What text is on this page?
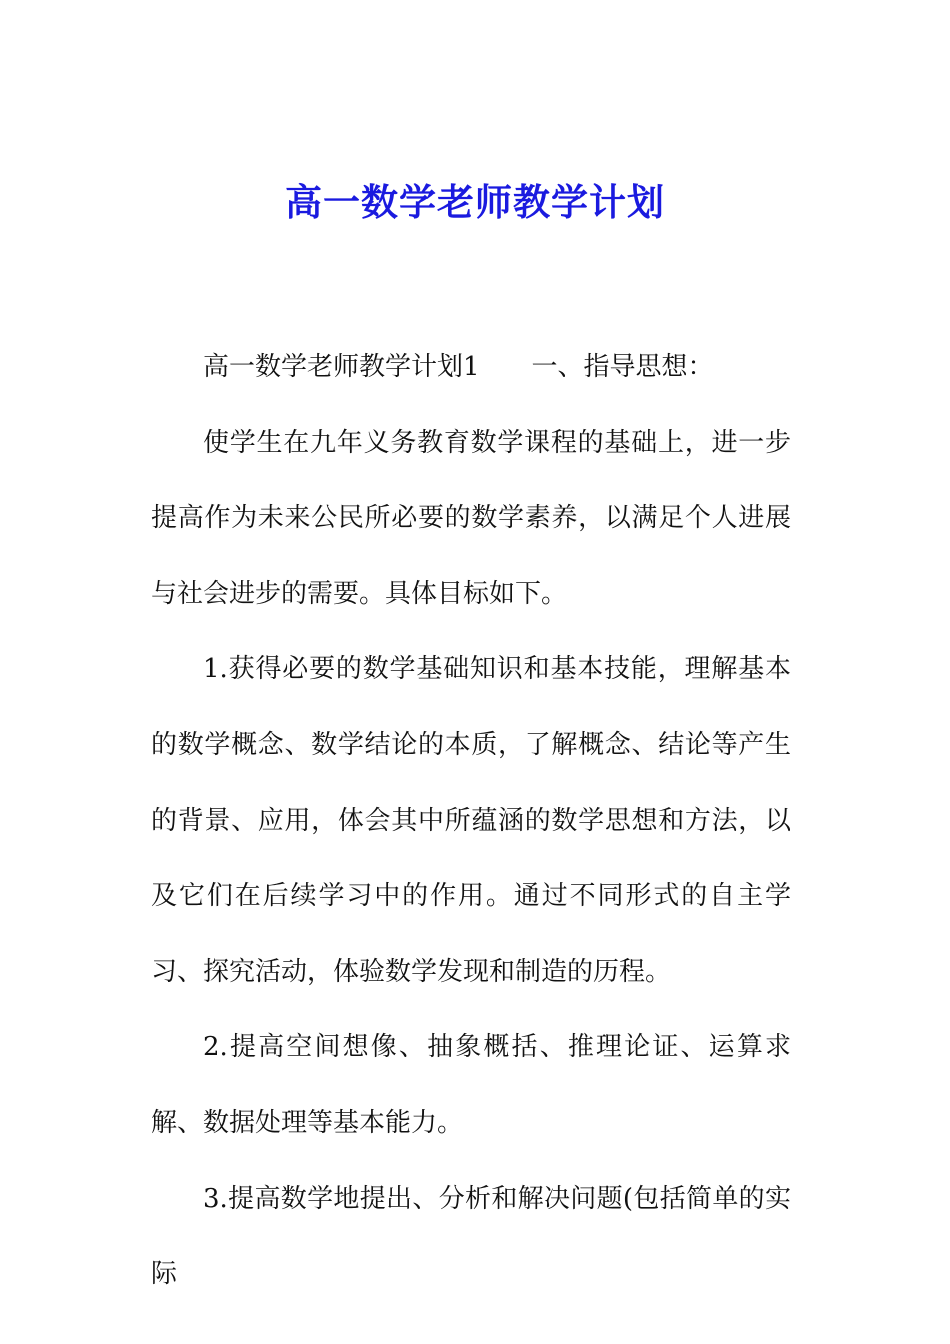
高一数学老师教学计划

高一数学老师教学计划1 一、指导思想：

使学生在九年义务教育数学课程的基础上，进一步提高作为未来公民所必要的数学素养，以满足个人进展与社会进步的需要。具体目标如下。

1.获得必要的数学基础知识和基本技能，理解基本的数学概念、数学结论的本质，了解概念、结论等产生的背景、应用，体会其中所蕴涵的数学思想和方法，以及它们在后续学习中的作用。通过不同形式的自主学习、探究活动，体验数学发现和制造的历程。

2.提高空间想像、抽象概括、推理论证、运算求解、数据处理等基本能力。

3.提高数学地提出、分析和解决问题(包括简单的实际
